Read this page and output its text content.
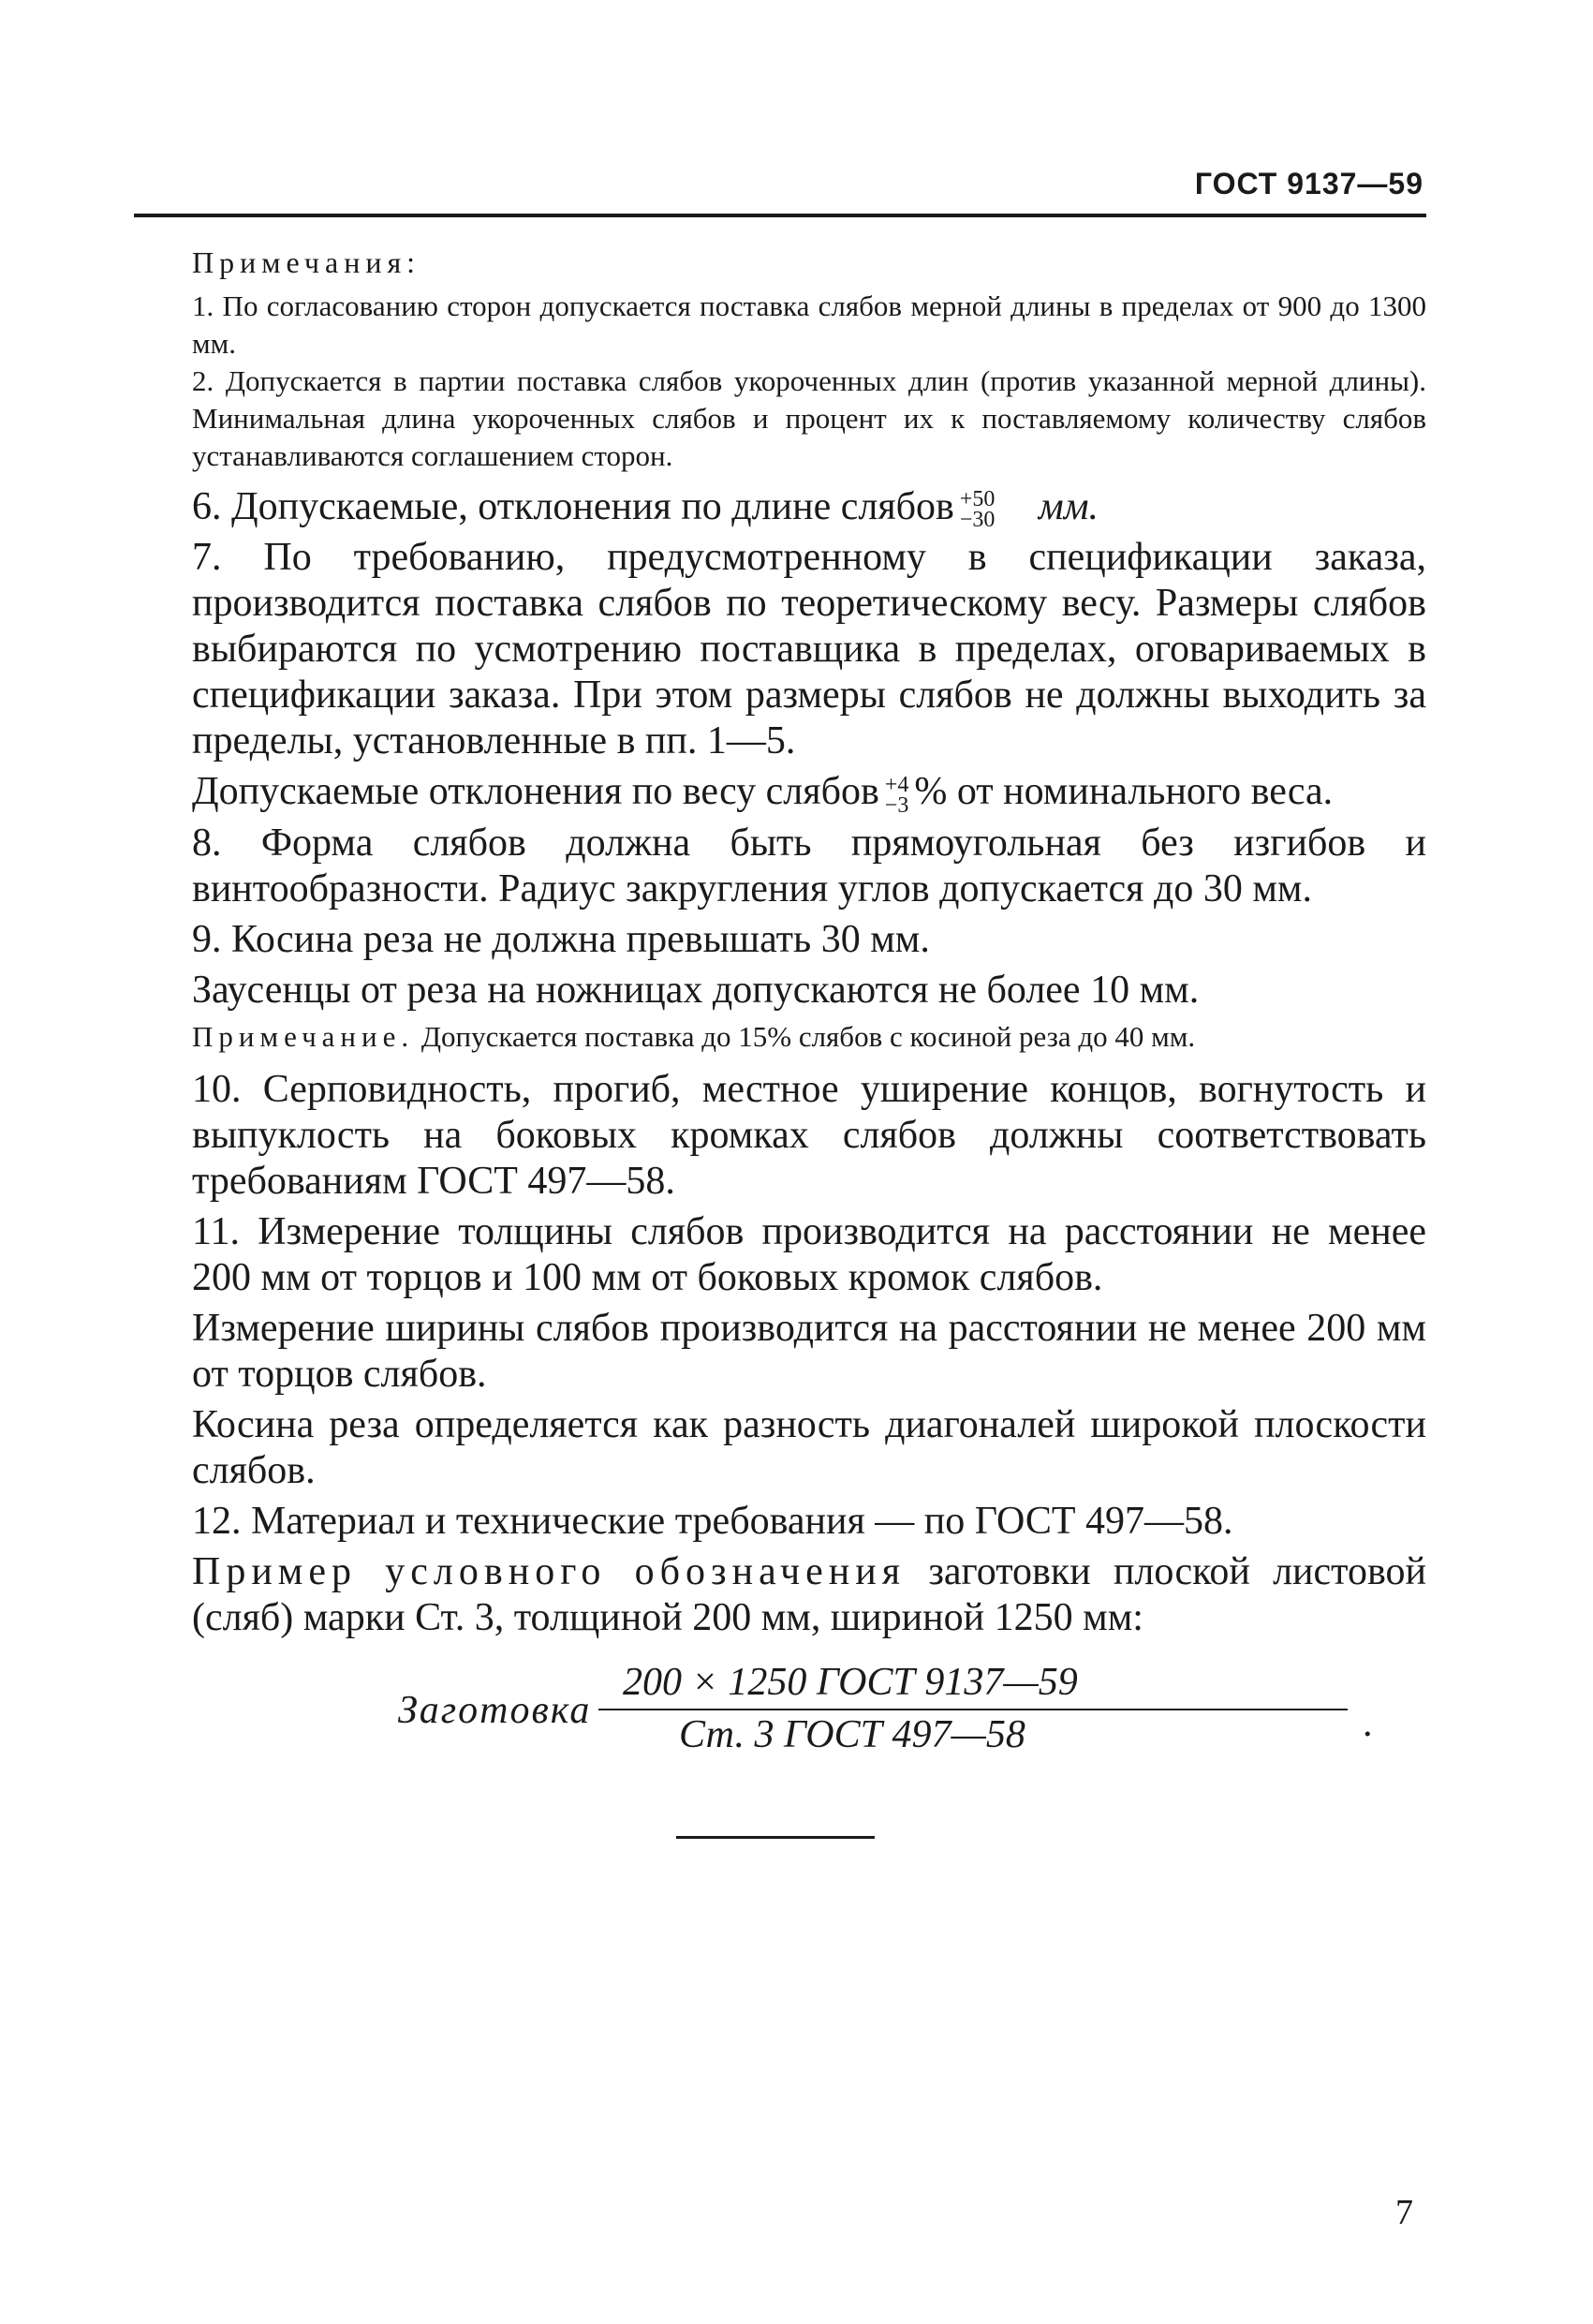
ГОСТ 9137—59

Примечания:

1. По согласованию сторон допускается поставка слябов мерной длины в пределах от 900 до 1300 мм.

2. Допускается в партии поставка слябов укороченных длин (против указанной мерной длины). Минимальная длина укороченных слябов и процент их к поставляемому количеству слябов устанавливаются соглашением сторон.

6. Допускаемые, отклонения по длине слябов +50
−30 мм.

7. По требованию, предусмотренному в спецификации заказа, производится поставка слябов по теоретическому весу. Размеры слябов выбираются по усмотрению поставщика в пределах, оговариваемых в спецификации заказа. При этом размеры слябов не должны выходить за пределы, установленные в пп. 1—5.

Допускаемые отклонения по весу слябов +4
−3 % от номинального веса.

8. Форма слябов должна быть прямоугольная без изгибов и винтообразности. Радиус закругления углов допускается до 30 мм.

9. Косина реза не должна превышать 30 мм.

Заусенцы от реза на ножницах допускаются не более 10 мм.

Примечание. Допускается поставка до 15% слябов с косиной реза до 40 мм.

10. Серповидность, прогиб, местное уширение концов, вогнутость и выпуклость на боковых кромках слябов должны соответствовать требованиям ГОСТ 497—58.

11. Измерение толщины слябов производится на расстоянии не менее 200 мм от торцов и 100 мм от боковых кромок слябов.

Измерение ширины слябов производится на расстоянии не менее 200 мм от торцов слябов.

Косина реза определяется как разность диагоналей широкой плоскости слябов.

12. Материал и технические требования — по ГОСТ 497—58.

Пример условного обозначения заготовки плоской листовой (сляб) марки Ст. 3, толщиной 200 мм, шириной 1250 мм:

Заготовка
200 × 1250 ГОСТ 9137—59
Ст. 3 ГОСТ 497—58	.
7
